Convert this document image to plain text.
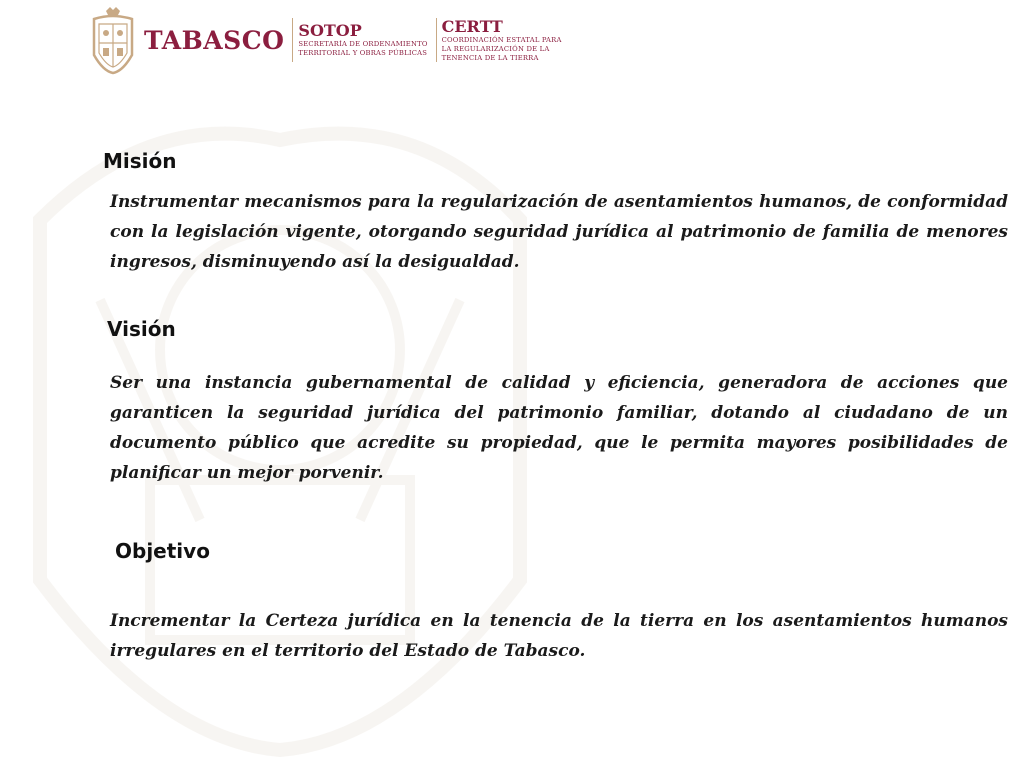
TABASCO SOTOP
SECRETARÍA DE ORDENAMIENTO
TERRITORIAL Y OBRAS PÚBLICAS
CERTT
COORDINACIÓN ESTATAL PARA
LA REGULARIZACIÓN DE LA
TENENCIA DE LA TIERRA
Misión

Instrumentar mecanismos para la regularización de asentamientos humanos, de conformidad con la legislación vigente, otorgando seguridad jurídica al patrimonio de familia de menores ingresos, disminuyendo así la desigualdad.

Visión

Ser una instancia gubernamental de calidad y eficiencia, generadora de acciones que garanticen la seguridad jurídica del patrimonio familiar, dotando al ciudadano de un documento público que acredite su propiedad, que le permita mayores posibilidades de planificar un mejor porvenir.

Objetivo

Incrementar la Certeza jurídica en la tenencia de la tierra en los asentamientos humanos irregulares en el territorio del Estado de Tabasco.
